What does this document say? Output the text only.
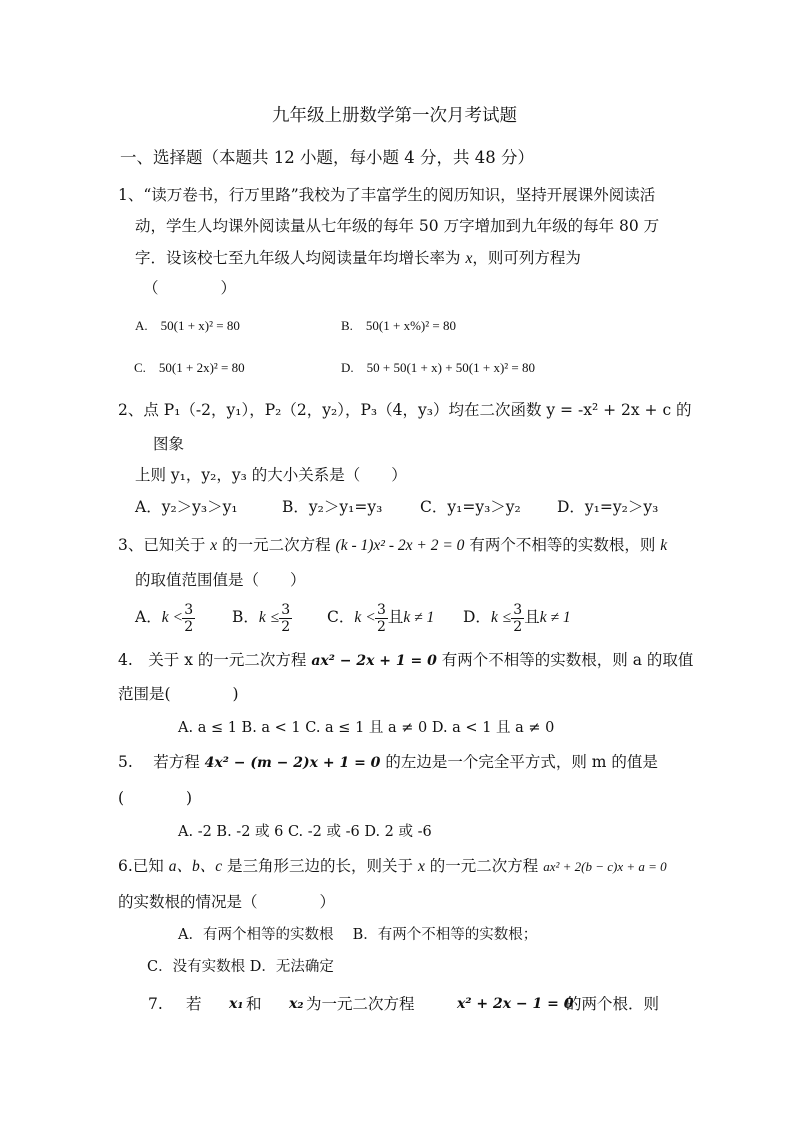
九年级上册数学第一次月考试题
一、选择题（本题共 12 小题，每小题 4 分，共 48 分）
1、“读万卷书，行万里路”我校为了丰富学生的阅历知识，坚持开展课外阅读活
动，学生人均课外阅读量从七年级的每年 50 万字增加到九年级的每年 80 万
字．设该校七至九年级人均阅读量年均增长率为 x，则可列方程为
（　　　　）
A.　50(1 + x)² = 80	B.　50(1 + x%)² = 80
C.　50(1 + 2x)² = 80	D.　50 + 50(1 + x) + 50(1 + x)² = 80
2、点 P₁（-2，y₁），P₂（2，y₂），P₃（4，y₃）均在二次函数 y = -x² + 2x + c 的
图象
上则 y₁，y₂，y₃ 的大小关系是（　　）
A．y₂＞y₃＞y₁	B．y₂＞y₁=y₃ C．y₁=y₃＞y₂ D．y₁=y₂＞y₃
3、已知关于 x 的一元二次方程 (k - 1)x² - 2x + 2 = 0 有两个不相等的实数根，则 k
的取值范围值是（　　）
A．$k < \frac{3}{2}$ B．$k \le \frac{3}{2}$ C．$k < \frac{3}{2}$ 且k ≠ 1 D．$k \le \frac{3}{2}$ 且k ≠ 1
4.　关于 x 的一元二次方程 ax² − 2x + 1 = 0 有两个不相等的实数根，则 a 的取值
范围是(　　　　)
A. a ≤ 1 B. a < 1 C. a ≤ 1 且 a ≠ 0 D. a < 1 且 a ≠ 0
5.　 若方程 4x² − (m − 2)x + 1 = 0 的左边是一个完全平方式，则 m 的值是
(　　　　)
A. -2 B. -2 或 6 C. -2 或 -6 D. 2 或 -6
6.已知 a、b、c 是三角形三边的长，则关于 x 的一元二次方程 ax² + 2(b − c)x + a = 0
的实数根的情况是（　　　　）
A．有两个相等的实数根　 B．有两个不相等的实数根；
C．没有实数根 D．无法确定
7. 若 x₁ 和 x₂ 为一元二次方程	x² + 2x − 1 = 0
的两个根．则
